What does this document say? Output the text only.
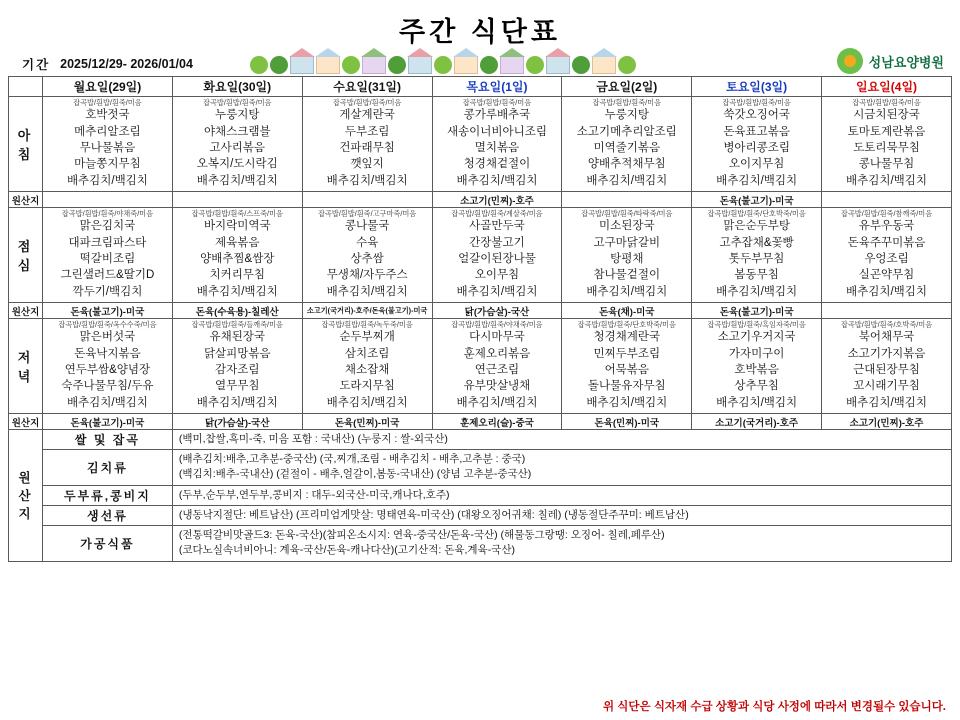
주간 식단표
성남요양병원
기간 2025/12/29- 2026/01/04
	월요일(29일)	화요일(30일)	수요일(31일)	목요일(1일)	금요일(2일)	토요일(3일)	일요일(4일)
아 침	
잡곡밥/흰밥/흰죽/미음
호박젓국
메추리알조림
무나물볶음
마늘쫑지무침
배추김치/백김치

잡곡밥/흰밥/흰죽/미음
누룽지탕
야채스크램블
고사리볶음
오복지/도시락김
배추김치/백김치

잡곡밥/흰밥/흰죽/미음
게살계란국
두부조림
건파래무침
깻잎지
배추김치/백김치

잡곡밥/흰밥/흰죽/미음
콩가루배추국
새송이너비아니조림
멸치볶음
청경채겉절이
배추김치/백김치

잡곡밥/흰밥/흰죽/미음
누룽지탕
소고기메추리알조림
미역줄기볶음
양배추적채무침
배추김치/백김치

잡곡밥/흰밥/흰죽/미음
쑥갓오징어국
돈육표고볶음
병아리콩조림
오이지무침
배추김치/백김치

잡곡밥/흰밥/흰죽/미음
시금치된장국
토마토계란볶음
도토리묵무침
콩나물무침
배추김치/백김치

원산지				소고기(민찌)-호주		돈육(불고기)-미국	
점 심	
잡곡밥/흰밥/흰죽/야채죽/미음
맑은김치국
대파크림파스타
떡갈비조림
그린샐러드&딸기D
깍두기/백김치

잡곡밥/흰밥/흰죽/스프죽/미음
바지락미역국
제육볶음
양배추찜&쌈장
치커리무침
배추김치/백김치

잡곡밥/흰밥/흰죽/고구마죽/미음
콩나물국
수육
상추쌈
무생채/자두주스
배추김치/백김치

잡곡밥/흰밥/흰죽/계살죽/미음
사골만두국
간장불고기
얼갈이된장나물
오이무침
배추김치/백김치

잡곡밥/흰밥/흰죽/타락죽/미음
미소된장국
고구마닭갈비
탕평채
참나물겉절이
배추김치/백김치

잡곡밥/흰밥/흰죽/단호박죽/미음
맑은순두부탕
고추잡채&꽃빵
톳두부무침
봄동무침
배추김치/백김치

잡곡밥/흰밥/흰죽/참깨죽/미음
유부우동국
돈육주꾸미볶음
우엉조림
실곤약무침
배추김치/백김치

원산지	돈육(불고기)-미국	돈육(수육용)-칠레산	소고기(국거리)-호주/돈육(불고기)-미국	닭(가슴살)-국산	돈육(채)-미국	돈육(불고기)-미국	
저 녁	
잡곡밥/흰밥/흰죽/옥수수죽/미음
맑은버섯국
돈육낙지볶음
연두부쌈&양념장
숙주나물무침/두유
배추김치/백김치

잡곡밥/흰밥/흰죽/들깨죽/미음
유채된장국
닭살피망볶음
감자조림
열무무침
배추김치/백김치

잡곡밥/흰밥/흰죽/녹두죽/미음
순두부찌개
삼치조림
채소잡채
도라지무침
배추김치/백김치

잡곡밥/흰밥/흰죽/야채죽/미음
다시마무국
훈제오리볶음
연근조림
유부맛살냉채
배추김치/백김치

잡곡밥/흰밥/흰죽/단호박죽/미음
청경채계란국
민찌두부조림
어묵볶음
돌나물유자무침
배추김치/백김치

잡곡밥/흰밥/흰죽/흑임자죽/미음
소고기우거지국
가자미구이
호박볶음
상추무침
배추김치/백김치

잡곡밥/흰밥/흰죽/호박죽/미음
북어채무국
소고기가지볶음
근대된장무침
꼬시래기무침
배추김치/백김치

원산지	돈육(불고기)-미국	닭(가슴살)-국산	돈육(민찌)-미국	훈제오리(슬)-중국	돈육(민찌)-미국	소고기(국거리)-호주	소고기(민찌)-호주
원 산 지	쌀 및 잡곡	(백미,찹쌀,흑미-죽, 미음 포함 : 국내산) (누룽지 : 쌀-외국산)					

	김치류	(배추김치:배추,고추분-중국산) (국,찌개,조림 - 배추김치 - 배추,고추분 : 중국)
(백김치:배추-국내산) (겉절이 - 배추,얼갈이,봄동-국내산) (양념 고추분-중국산)					

	두부류,콩비지	(두부,순두부,연두부,콩비지 : 대두-외국산-미국,캐나다,호주)					

	생선류	(냉동낙지절단: 베트남산) (프리미엄게맛살: 명태연육-미국산) (대왕오징어귀채: 칠레) (냉동절단주꾸미: 베트남산)					

	가공식품	(전통떡갈비맛골드3: 돈육-국산)(참피온소시지: 연육-중국산/돈육-국산) (해물동그랑땡: 오징어- 칠레,페루산)
(코다노실속너비아니: 계육-국산/돈육-캐나다산)(고기산적: 돈육,계육-국산)					
위 식단은 식자재 수급 상황과 식당 사정에 따라서 변경될수 있습니다.
